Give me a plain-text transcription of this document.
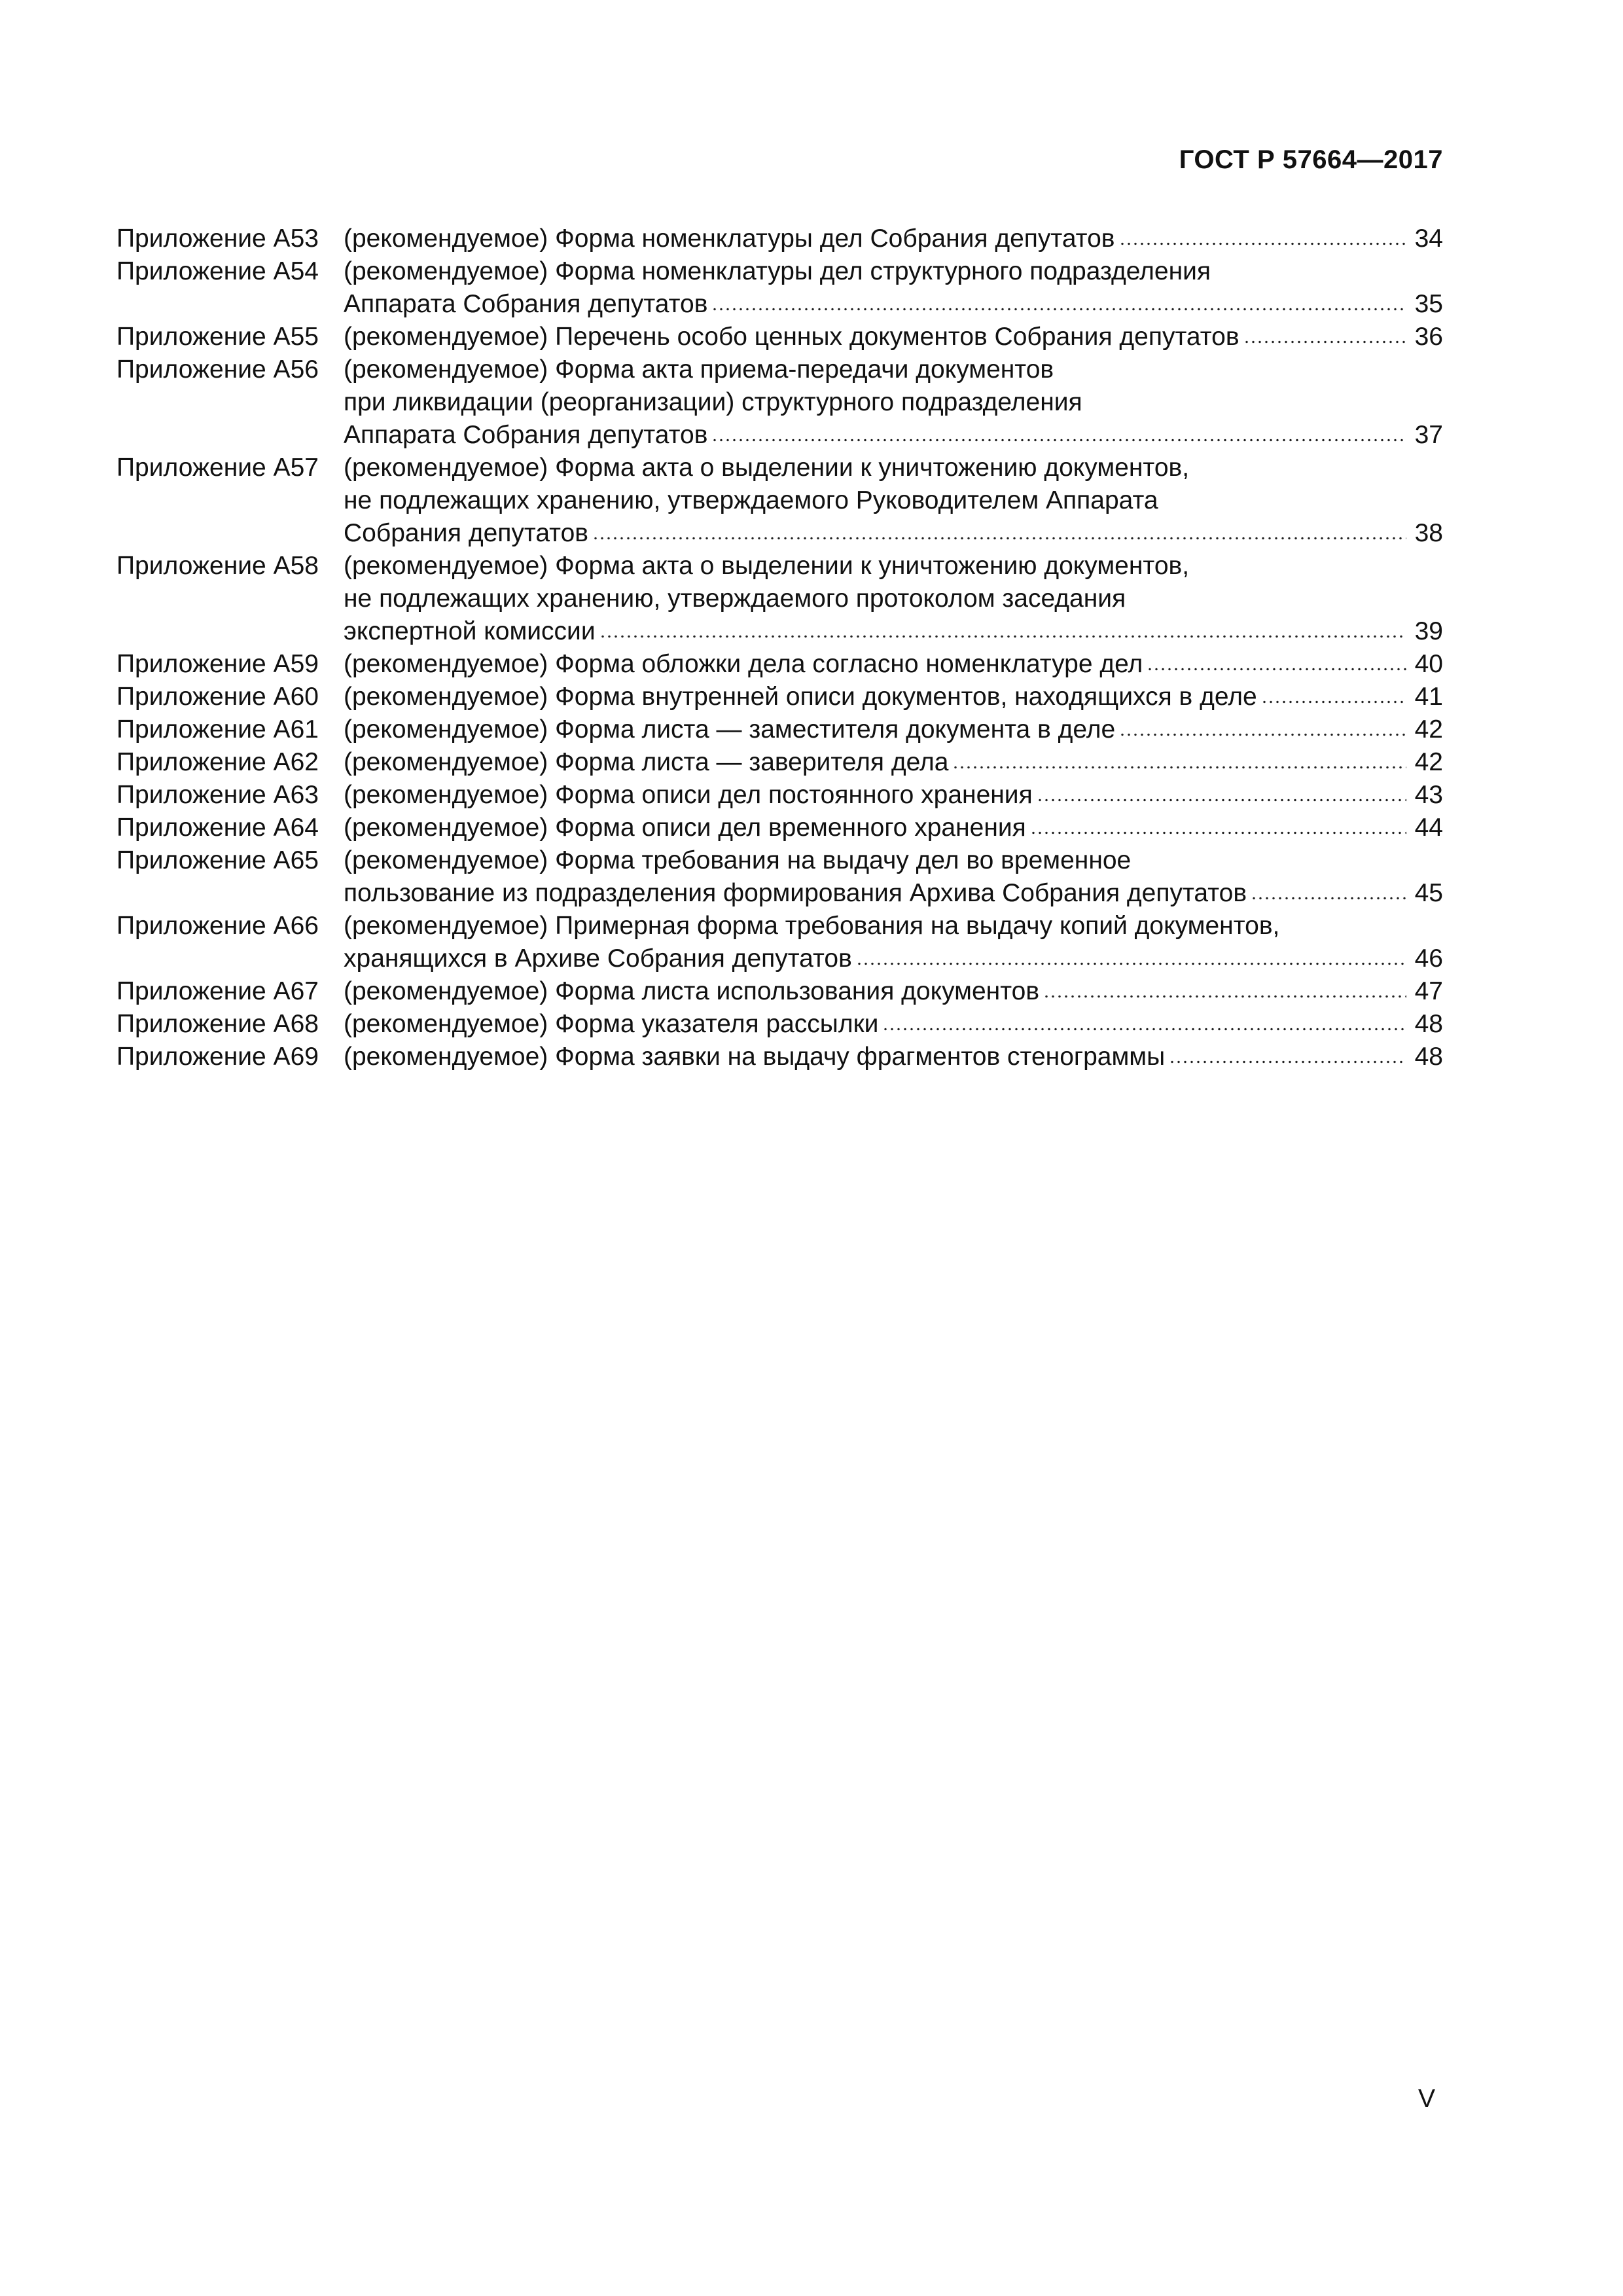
ГОСТ Р 57664—2017
Приложение А53 (рекомендуемое) Форма номенклатуры дел Собрания депутатов	34
Приложение А54 (рекомендуемое) Форма номенклатуры дел структурного подразделения
Аппарата Собрания депутатов	35
Приложение А55 (рекомендуемое) Перечень особо ценных документов Собрания депутатов	36
Приложение А56 (рекомендуемое) Форма акта приема-передачи документов
при ликвидации (реорганизации) структурного подразделения
Аппарата Собрания депутатов	37
Приложение А57 (рекомендуемое) Форма акта о выделении к уничтожению документов,
не подлежащих хранению, утверждаемого Руководителем Аппарата
Собрания депутатов	38
Приложение А58 (рекомендуемое) Форма акта о выделении к уничтожению документов,
не подлежащих хранению, утверждаемого протоколом заседания
экспертной комиссии	39
Приложение А59 (рекомендуемое) Форма обложки дела согласно номенклатуре дел	40
Приложение А60 (рекомендуемое) Форма внутренней описи документов, находящихся в деле	41
Приложение А61 (рекомендуемое) Форма листа — заместителя документа в деле	42
Приложение А62 (рекомендуемое) Форма листа — заверителя дела	42
Приложение А63 (рекомендуемое) Форма описи дел постоянного хранения	43
Приложение А64 (рекомендуемое) Форма описи дел временного хранения	44
Приложение А65 (рекомендуемое) Форма требования на выдачу дел во временное
пользование из подразделения формирования Архива Собрания депутатов	45
Приложение А66 (рекомендуемое) Примерная форма требования на выдачу копий документов,
хранящихся в Архиве Собрания депутатов	46
Приложение А67 (рекомендуемое) Форма листа использования документов	47
Приложение А68 (рекомендуемое) Форма указателя рассылки	48
Приложение А69 (рекомендуемое) Форма заявки на выдачу фрагментов стенограммы	48
V
